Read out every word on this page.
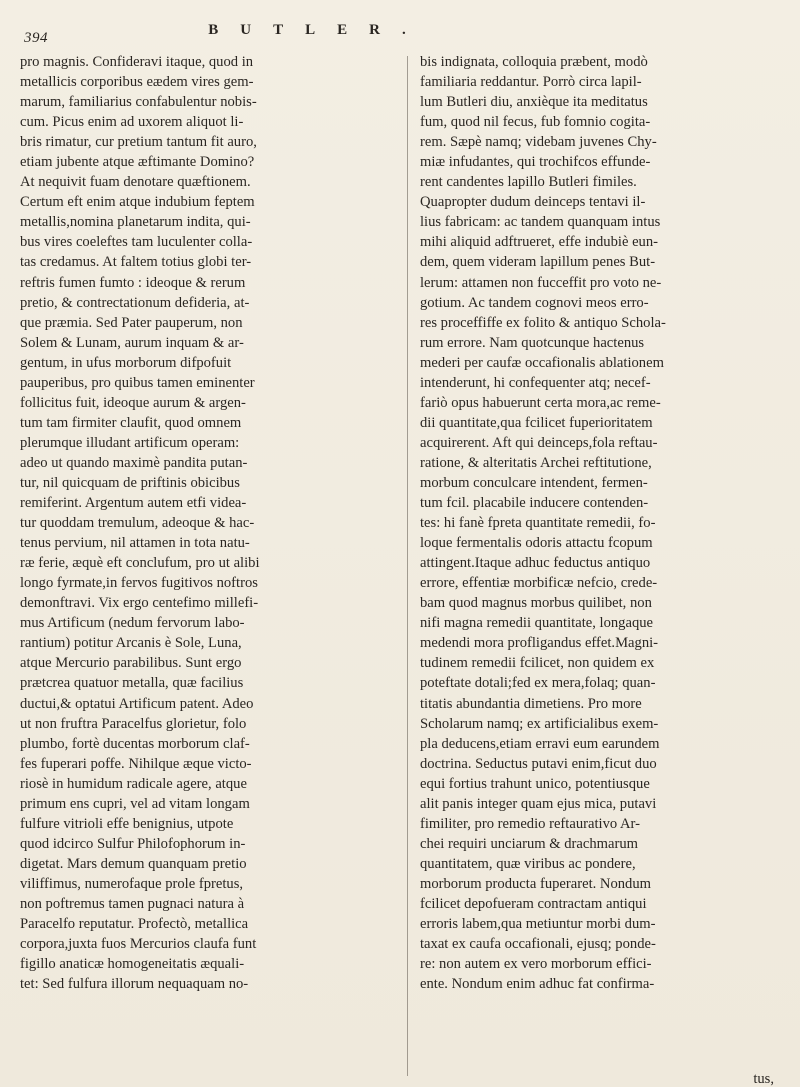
394	BUTLER.
pro magnis. Confideravi itaque, quod in
metallicis corporibus eædem vires gem-
marum, familiarius confabulentur nobis-
cum. Picus enim ad uxorem aliquot li-
bris rimatur, cur pretium tantum fit auro,
etiam jubente atque æftimante Domino?
At nequivit fuam denotare quæftionem.
Certum eft enim atque indubium feptem
metallis,nomina planetarum indita, qui-
bus vires coeleftes tam luculenter colla-
tas credamus. At faltem totius globi ter-
reftris fumen fumto : ideoque & rerum
pretio, & contrectationum defideria, at-
que præmia. Sed Pater pauperum, non
Solem & Lunam, aurum inquam & ar-
gentum, in ufus morborum difpofuit
pauperibus, pro quibus tamen eminenter
follicitus fuit, ideoque aurum & argen-
tum tam firmiter claufit, quod omnem
plerumque illudant artificum operam:
adeo ut quando maximè pandita putan-
tur, nil quicquam de priftinis obicibus
remiferint. Argentum autem etfi videa-
tur quoddam tremulum, adeoque & hac-
tenus pervium, nil attamen in tota natu-
ræ ferie, æquè eft conclufum, pro ut alibi
longo fyrmate,in fervos fugitivos noftros
demonftravi. Vix ergo centefimo millefi-
mus Artificum (nedum fervorum labo-
rantium) potitur Arcanis è Sole, Luna,
atque Mercurio parabilibus. Sunt ergo
prætcrea quatuor metalla, quæ facilius
ductui,& optatui Artificum patent. Adeo
ut non fruftra Paracelfus glorietur, folo
plumbo, fortè ducentas morborum claf-
fes fuperari poffe. Nihilque æque victo-
riosè in humidum radicale agere, atque
primum ens cupri, vel ad vitam longam
fulfure vitrioli effe benignius, utpote
quod idcirco Sulfur Philofophorum in-
digetat. Mars demum quanquam pretio
viliffimus, numerofaque prole fpretus,
non poftremus tamen pugnaci natura à
Paracelfo reputatur. Profectò, metallica
corpora,juxta fuos Mercurios claufa funt
figillo anaticæ homogeneitatis æquali-
tet: Sed fulfura illorum nequaquam no-
bis indignata, colloquia præbent, modò
familiaria reddantur. Porrò circa lapil-
lum Butleri diu, anxièque ita meditatus
fum, quod nil fecus, fub fomnio cogita-
rem. Sæpè namq; videbam juvenes Chy-
miæ infudantes, qui trochifcos effunde-
rent candentes lapillo Butleri fimiles.
Quapropter dudum deinceps tentavi il-
lius fabricam: ac tandem quanquam intus
mihi aliquid adftrueret, effe indubiè eun-
dem, quem videram lapillum penes But-
lerum: attamen non fucceffit pro voto ne-
gotium. Ac tandem cognovi meos erro-
res proceffiffe ex folito & antiquo Schola-
rum errore. Nam quotcunque hactenus
mederi per caufæ occafionalis ablationem
intenderunt, hi confequenter atq; necef-
fariò opus habuerunt certa mora,ac reme-
dii quantitate,qua fcilicet fuperioritatem
acquirerent. Aft qui deinceps,fola reftau-
ratione, & alteritatis Archei reftitutione,
morbum conculcare intendent, fermen-
tum fcil. placabile inducere contenden-
tes: hi fanè fpreta quantitate remedii, fo-
loque fermentalis odoris attactu fcopum
attingent.Itaque adhuc feductus antiquo
errore, effentiæ morbificæ nefcio, crede-
bam quod magnus morbus quilibet, non
nifi magna remedii quantitate, longaque
medendi mora profligandus effet.Magni-
tudinem remedii fcilicet, non quidem ex
poteftate dotali;fed ex mera,folaq; quan-
titatis abundantia dimetiens. Pro more
Scholarum namq; ex artificialibus exem-
pla deducens,etiam erravi eum earundem
doctrina. Seductus putavi enim,ficut duo
equi fortius trahunt unico, potentiusque
alit panis integer quam ejus mica, putavi
fimiliter, pro remedio reftaurativo Ar-
chei requiri unciarum & drachmarum
quantitatem, quæ viribus ac pondere,
morborum producta fuperaret. Nondum
fcilicet depofueram contractam antiqui
erroris labem,qua metiuntur morbi dum-
taxat ex caufa occafionali, ejusq; ponde-
re: non autem ex vero morborum effici-
ente. Nondum enim adhuc fat confirma-
tus,
